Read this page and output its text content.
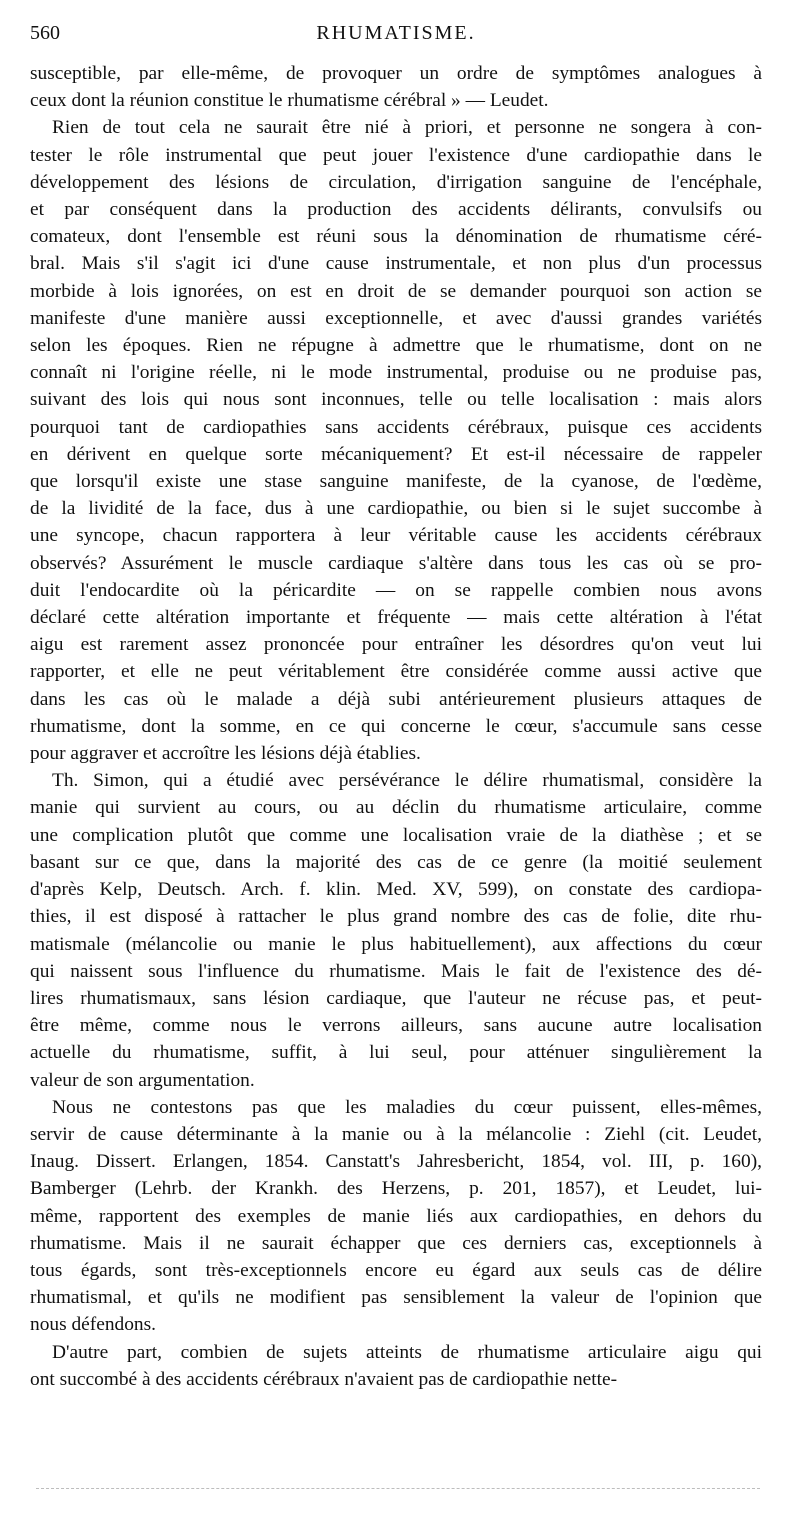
560	RHUMATISME.

susceptible, par elle-même, de provoquer un ordre de symptômes analogues à
ceux dont la réunion constitue le rhumatisme cérébral » — Leudet.

Rien de tout cela ne saurait être nié à priori, et personne ne songera à con-
tester le rôle instrumental que peut jouer l'existence d'une cardiopathie dans le
développement des lésions de circulation, d'irrigation sanguine de l'encéphale,
et par conséquent dans la production des accidents délirants, convulsifs ou
comateux, dont l'ensemble est réuni sous la dénomination de rhumatisme céré-
bral. Mais s'il s'agit ici d'une cause instrumentale, et non plus d'un processus
morbide à lois ignorées, on est en droit de se demander pourquoi son action se
manifeste d'une manière aussi exceptionnelle, et avec d'aussi grandes variétés
selon les époques. Rien ne répugne à admettre que le rhumatisme, dont on ne
connaît ni l'origine réelle, ni le mode instrumental, produise ou ne produise pas,
suivant des lois qui nous sont inconnues, telle ou telle localisation : mais alors
pourquoi tant de cardiopathies sans accidents cérébraux, puisque ces accidents
en dérivent en quelque sorte mécaniquement? Et est-il nécessaire de rappeler
que lorsqu'il existe une stase sanguine manifeste, de la cyanose, de l'œdème,
de la lividité de la face, dus à une cardiopathie, ou bien si le sujet succombe à
une syncope, chacun rapportera à leur véritable cause les accidents cérébraux
observés? Assurément le muscle cardiaque s'altère dans tous les cas où se pro-
duit l'endocardite où la péricardite — on se rappelle combien nous avons
déclaré cette altération importante et fréquente — mais cette altération à l'état
aigu est rarement assez prononcée pour entraîner les désordres qu'on veut lui
rapporter, et elle ne peut véritablement être considérée comme aussi active que
dans les cas où le malade a déjà subi antérieurement plusieurs attaques de
rhumatisme, dont la somme, en ce qui concerne le cœur, s'accumule sans cesse
pour aggraver et accroître les lésions déjà établies.

Th. Simon, qui a étudié avec persévérance le délire rhumatismal, considère la
manie qui survient au cours, ou au déclin du rhumatisme articulaire, comme
une complication plutôt que comme une localisation vraie de la diathèse ; et se
basant sur ce que, dans la majorité des cas de ce genre (la moitié seulement
d'après Kelp, Deutsch. Arch. f. klin. Med. XV, 599), on constate des cardiopa-
thies, il est disposé à rattacher le plus grand nombre des cas de folie, dite rhu-
matismale (mélancolie ou manie le plus habituellement), aux affections du cœur
qui naissent sous l'influence du rhumatisme. Mais le fait de l'existence des dé-
lires rhumatismaux, sans lésion cardiaque, que l'auteur ne récuse pas, et peut-
être même, comme nous le verrons ailleurs, sans aucune autre localisation
actuelle du rhumatisme, suffit, à lui seul, pour atténuer singulièrement la
valeur de son argumentation.

Nous ne contestons pas que les maladies du cœur puissent, elles-mêmes,
servir de cause déterminante à la manie ou à la mélancolie : Ziehl (cit. Leudet,
Inaug. Dissert. Erlangen, 1854. Canstatt's Jahresbericht, 1854, vol. III, p. 160),
Bamberger (Lehrb. der Krankh. des Herzens, p. 201, 1857), et Leudet, lui-
même, rapportent des exemples de manie liés aux cardiopathies, en dehors du
rhumatisme. Mais il ne saurait échapper que ces derniers cas, exceptionnels à
tous égards, sont très-exceptionnels encore eu égard aux seuls cas de délire
rhumatismal, et qu'ils ne modifient pas sensiblement la valeur de l'opinion que
nous défendons.

D'autre part, combien de sujets atteints de rhumatisme articulaire aigu qui
ont succombé à des accidents cérébraux n'avaient pas de cardiopathie nette-
